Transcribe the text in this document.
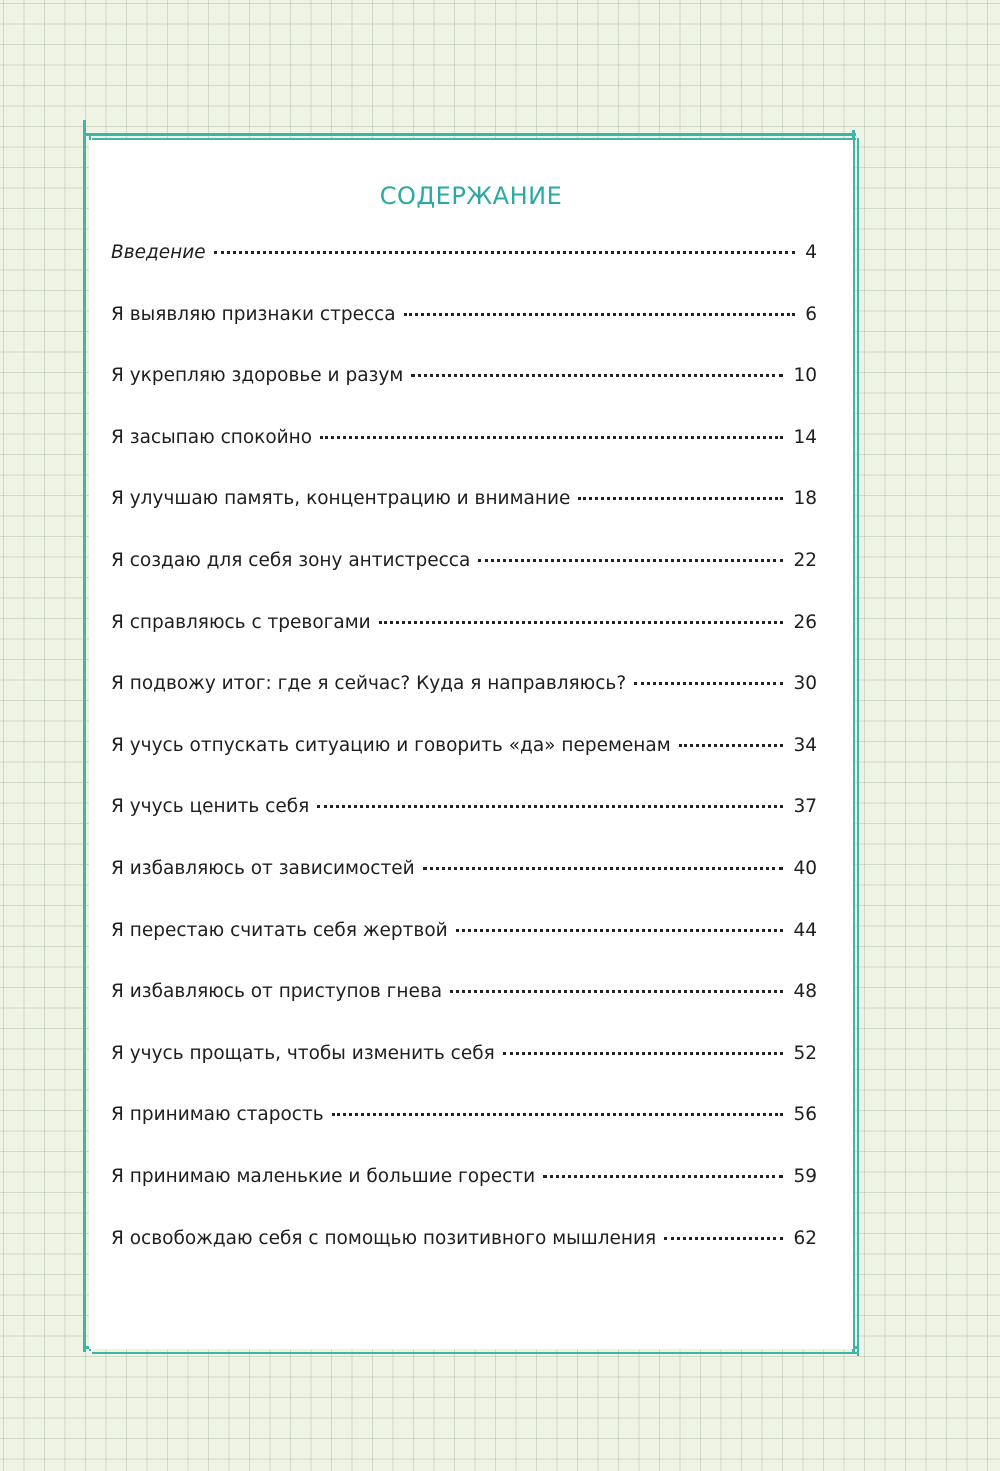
СОДЕРЖАНИЕ
Введение	4
Я выявляю признаки стресса	6
Я укрепляю здоровье и разум	10
Я засыпаю спокойно	14
Я улучшаю память, концентрацию и внимание	18
Я создаю для себя зону антистресса	22
Я справляюсь с тревогами	26
Я подвожу итог: где я сейчас? Куда я направляюсь?	30
Я учусь отпускать ситуацию и говорить «да» переменам	34
Я учусь ценить себя	37
Я избавляюсь от зависимостей	40
Я перестаю считать себя жертвой	44
Я избавляюсь от приступов гнева	48
Я учусь прощать, чтобы изменить себя	52
Я принимаю старость	56
Я принимаю маленькие и большие горести	59
Я освобождаю себя с помощью позитивного мышления	62
